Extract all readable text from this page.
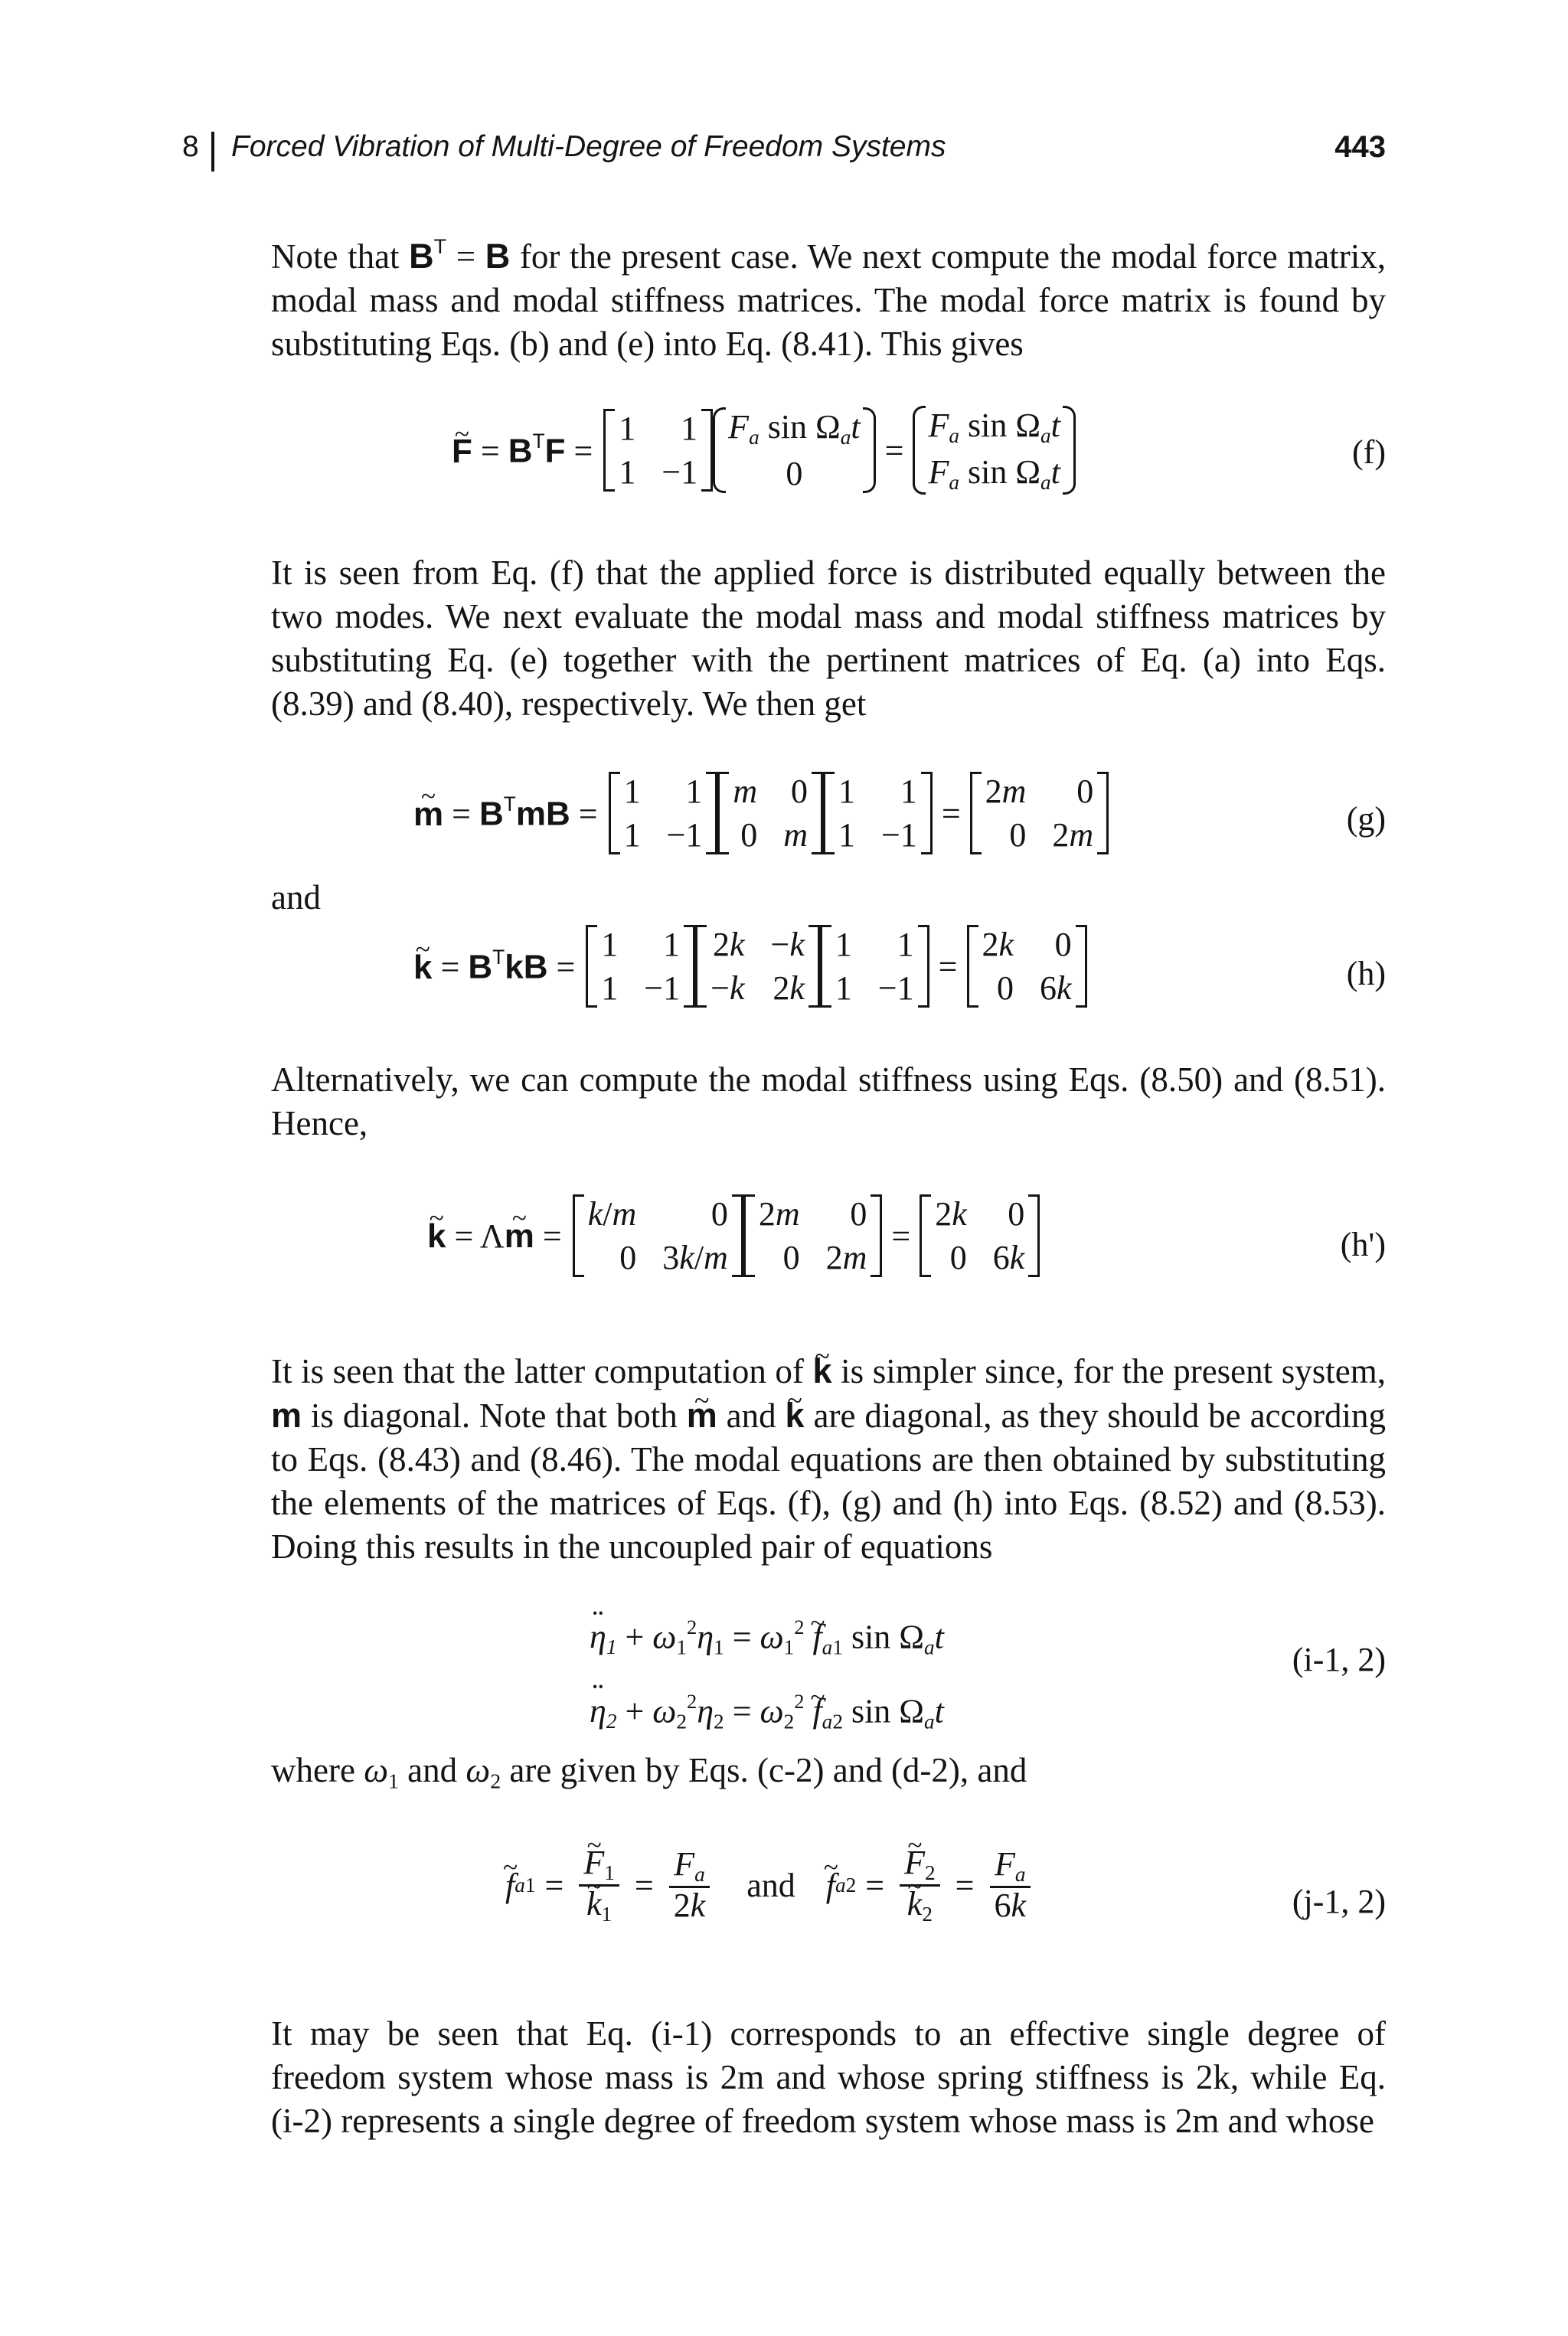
8 Forced Vibration of Multi-Degree of Freedom Systems	443

Note that $B^T = B$ for the present case. We next compute the modal force matrix, modal mass and modal stiffness matrices. The modal force matrix is found by substituting Eqs. (b) and (e) into Eq. (8.41). This gives

~ $F = B^TF$ =
1	1
1 −1
$F_a$ $\sin \Omega_at$
0
=
$F_a$ $\sin \Omega_at$
$F_a$ $\sin \Omega_at$
(f)

It is seen from Eq. (f) that the applied force is distributed equally between the two modes. We next evaluate the modal mass and modal stiffness matrices by substituting Eq. (e) together with the pertinent matrices of Eq. (a) into Eqs. (8.39) and (8.40), respectively. We then get

~ $m = B^TmB$ =
1	1
1 −1
m 0
0 m
1	1
1 −1
=
2m	0
0 2m	(g)
and
~ $k = B^TkB$ =
1	1
1 −1
2k −k
−k 2k
1	1
1 −1
=
2k	0
0 6k	(h)

Alternatively, we can compute the modal stiffness using Eqs. (8.50) and (8.51). Hence,

~ k = Λ~ m =
k/m	0
0 3k/m
2m	0
0 2m
=
2k	0
0 6k	(h')

It is seen that the latter computation of ~ k is simpler since, for the present system, m is diagonal. Note that both ~ m and ~ k are diagonal, as they should be according to Eqs. (8.43) and (8.46). The modal equations are then obtained by substituting the elements of the matrices of Eqs. (f), (g) and (h) into Eqs. (8.52) and (8.53). Doing this results in the uncoupled pair of equations

¨ $\eta_1 + \omega_1^2\eta_1 = \omega_1^2$ ~ $f_{a1}$ $\sin \Omega_at$
¨ $\eta_2 + \omega_2^2\eta_2 = \omega_2^2$ ~ $f_{a2}$ $\sin \Omega_at$
(i-1, 2)

where $\omega_1$ and $\omega_2$ are given by Eqs. (c-2) and (d-2), and

~ f a1 = ~ $F_1$
~ $k_1 = \frac{F_a}{2k}$ and ~ f a2 = ~ $F_2$
~ $k_2 = \frac{F_a}{6k}$	(j-1, 2)

It may be seen that Eq. (i-1) corresponds to an effective single degree of freedom system whose mass is 2m and whose spring stiffness is 2k, while Eq. (i-2) represents a single degree of freedom system whose mass is 2m and whose
